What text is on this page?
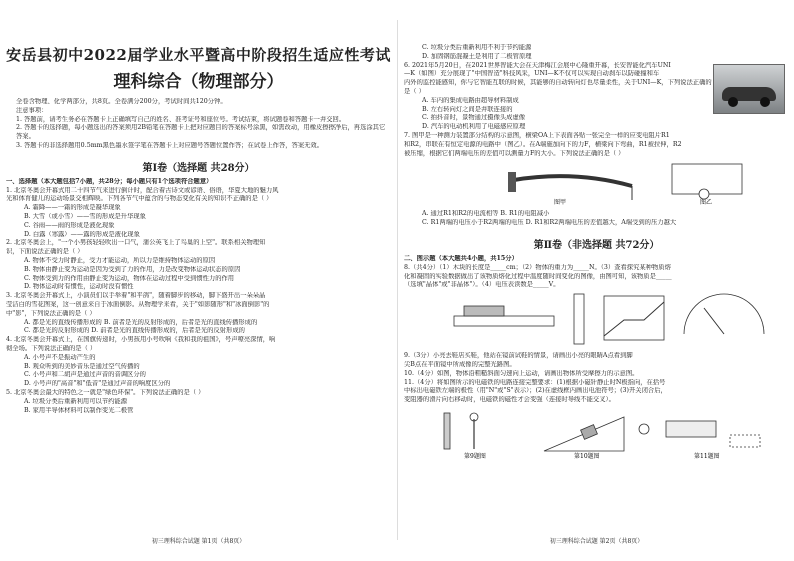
安岳县初中2022届学业水平暨高中阶段招生适应性考试
理科综合（物理部分）
全卷含物理、化学两部分，共8页。全卷满分200分，考试时间共120分钟。
注意事项：
1. 答题前，请考生务必在答题卡上正确填写自己的姓名、准考证号和座位号。考试结束，将试题卷和答题卡一并交回。
2. 答题卡的选择题，每小题选出的答案须用2B铅笔在答题卡上把对应题目的答案标号涂黑，如需改动，用橡皮擦擦净后，再选涂其它答案。
3. 答题卡的非选择题用0.5mm黑色墨水签字笔在答题卡上对应题号答题位置作答；在试卷上作答，答案无效。
第Ⅰ卷（选择题 共28分）
一、选择题（本大题包括7小题，共28分；每小题只有1个选项符合题意）
1. 北京冬奥会开幕式用二十四节气来进行倒计时，配合着古诗文或谚语、俗语，华夏大地的魅力风
光和体育健儿的运动场景交相辉映。下列各节气中蕴含的与物态变化有关的知识不正确的是（ ）
A. 霜降——一霜的形成是凝华现象
B. 大雪（或小雪）——雪的形成是升华现象
C. 谷雨——雨的形成是液化现象
D. 白露（寒露）——露的形成是液化现象
2. 北京冬奥会上，"一个小男孩轻轻吹出一口气，蒲公英飞上了鸟巢的上空"。联系相关物理知
识，下面说法正确的是（ ）
A. 物体不受力时静止，受力才能运动，所以力是维持物体运动的原因
B. 物体由静止变为运动是因为受到了力的作用，力是改变物体运动状态的原因
C. 物体受到力的作用由静止变为运动，物体在运动过程中受到惯性力的作用
D. 物体运动时有惯性，运动时没有惯性
3. 北京冬奥会开幕式上，小演员们以手举着"和平鸽"，随着脚步的移动，脚下盛开出一朵朵晶
莹洁白的雪花图案，这一创意来自于冰面倒影。从物理学来看，关于"如影随形"和"冰面倒影"的
中"影"，下列说法正确的是（ ）
A. 都是光的直线传播形成的 B. 前者是光的反射形成的，后者是光的直线传播形成的
C. 都是光的反射形成的 D. 前者是光的直线传播形成的，后者是光的反射形成的
4. 北京冬奥会开幕式上，在国旗传递时，小男孩用小号吹响《我和我的祖国》，号声嘹亮深情，响
彻全场。下列说法正确的是（ ）
A. 小号声不是振动产生的
B. 观众听到的美妙音乐是通过空气传播的
C. 小号声和二胡声是通过声音的音调区分的
D. 小号声的"高音"和"低音"是通过声音的响度区分的
5. 北京冬奥会最大的特色之一就是"绿色环保"。下列说法正确的是（ ）
A. 垃圾分类后重新利用可以节约能源
B. 家用半导体材料可以制作变光二极管
初三理科综合试题 第1页（共8页）
C. 垃圾分类后重新利用不利于节约能源
D. 加固钢筋混凝土是利用了二极管原理
6. 2021年5月20日，在2021世界智能大会在天津梅江会展中心隆重开幕，长安智能化汽车UNI
—K（如图）充分展现了"中国智造"科技风采，UNI—K不仅可以实现自动刹车以防碰撞和车
内外的监控能感知，你与它智能互联的时候，其能够的自动转向灯也尽量柔性，关于UNI—K，下列说法正确的
是（ ）
A. 车内的集成电路由超导材料制成
B. 左右转向灯之间是并联连接的
C. 拍抖音时，景物通过摄像头成虚像
D. 汽车的电动机利用了电磁感应原理
7. 图甲是一种测力装置部分结构的示意图，横梁OA上下表面各贴一张完全一样的应变电阻片R1
和R2，串联在有恒定电源的电路中（图乙）。在A端施加向下的力F，横梁向下弯曲，R1被拉伸，R2
被压缩，根据它们两端电压的差值可以测量力F的大小。下列说法正确的是（ ）
图甲	图乙
A. 通过R1和R2的电流相等 B. R1的电阻减小
C. R1两端的电压小于R2两端的电压 D. R1和R2两端电压的差值越大，A端受到的压力越大
第Ⅱ卷（非选择题 共72分）
二、图示题（本大题共4小题，共15分）
8.（共4分）（1）木块的长度是_____cm；（2）物体的重力为_____N。（3）查看探究某种物质熔
化和凝固的实验数据做出了该物质熔化过程中温度随时间变化的图像，由图可知，该物质是_____
（选填"晶体"或"非晶体"）。（4）电压表读数是_____V。
9.（3分）小亮去鞋店买鞋，他站在镜前试鞋的情景，请画出小亮的眼睛A点看到脚
尖B点在平面镜中所成像的完整光路图。
10.（4分）如图，物体沿粗糙斜面匀速向上运动，请画出物体所受摩擦力的示意图。
11.（4分）将如图所示的电磁铁的电路连接完整要求：(1)根据小磁针静止时N极指向，在括号
中标出电磁铁左端的极性（用"N"或"S"表示）；(2)在虚线框内画出电池符号；(3)开关闭合后，
变阻器的滑片向右移动时，电磁铁的磁性才会变强（连接时导线不能交叉）。
第9题图	第10题图	第11题图
初三理科综合试题 第2页（共8页）
